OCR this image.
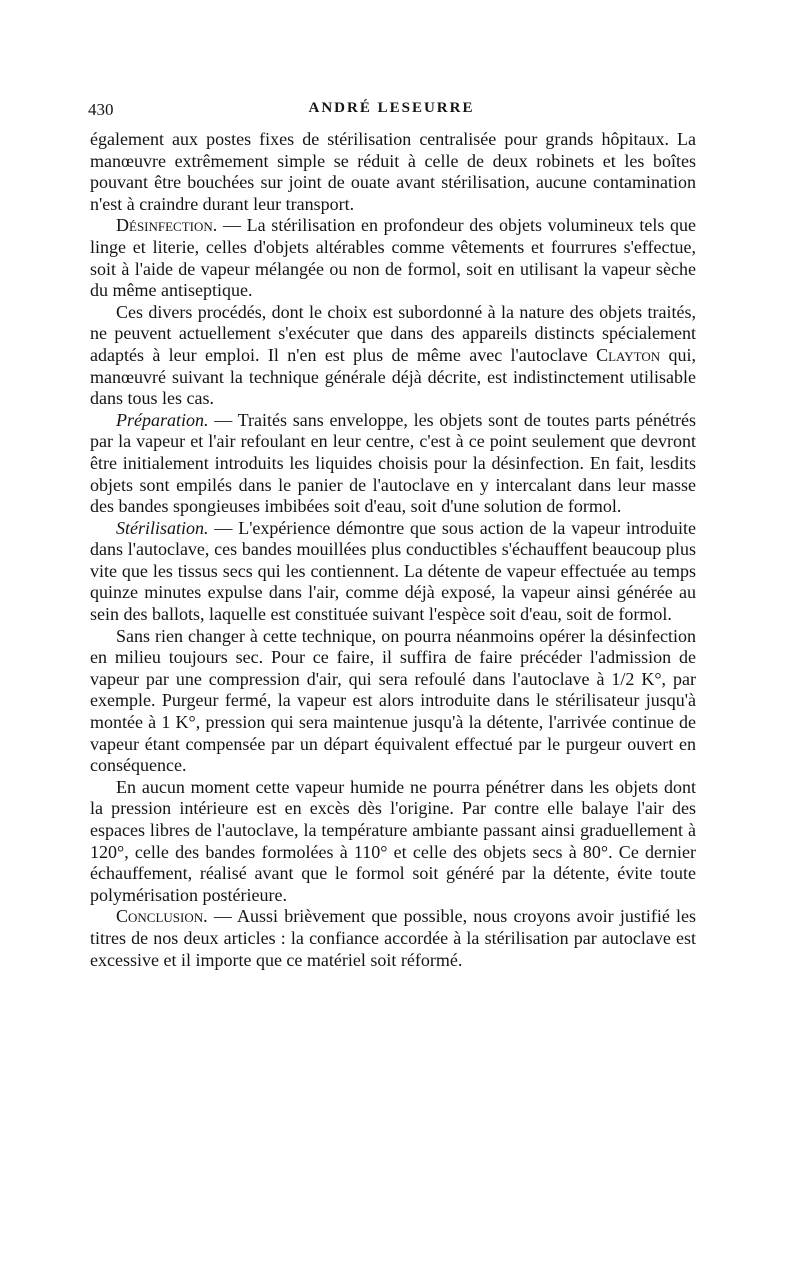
430	ANDRÉ LESEURRE

également aux postes fixes de stérilisation centralisée pour grands hôpitaux. La manœuvre extrêmement simple se réduit à celle de deux robinets et les boîtes pouvant être bouchées sur joint de ouate avant stérilisation, aucune contamination n'est à craindre durant leur transport.

Désinfection. — La stérilisation en profondeur des objets volumineux tels que linge et literie, celles d'objets altérables comme vêtements et fourrures s'effectue, soit à l'aide de vapeur mélangée ou non de formol, soit en utilisant la vapeur sèche du même antiseptique.

Ces divers procédés, dont le choix est subordonné à la nature des objets traités, ne peuvent actuellement s'exécuter que dans des appareils distincts spécialement adaptés à leur emploi. Il n'en est plus de même avec l'autoclave Clayton qui, manœuvré suivant la technique générale déjà décrite, est indistinctement utilisable dans tous les cas.

Préparation. — Traités sans enveloppe, les objets sont de toutes parts pénétrés par la vapeur et l'air refoulant en leur centre, c'est à ce point seulement que devront être initialement introduits les liquides choisis pour la désinfection. En fait, lesdits objets sont empilés dans le panier de l'autoclave en y intercalant dans leur masse des bandes spongieuses imbibées soit d'eau, soit d'une solution de formol.

Stérilisation. — L'expérience démontre que sous action de la vapeur introduite dans l'autoclave, ces bandes mouillées plus conductibles s'échauffent beaucoup plus vite que les tissus secs qui les contiennent. La détente de vapeur effectuée au temps quinze minutes expulse dans l'air, comme déjà exposé, la vapeur ainsi générée au sein des ballots, laquelle est constituée suivant l'espèce soit d'eau, soit de formol.

Sans rien changer à cette technique, on pourra néanmoins opérer la désinfection en milieu toujours sec. Pour ce faire, il suffira de faire précéder l'admission de vapeur par une compression d'air, qui sera refoulé dans l'autoclave à 1/2 K°, par exemple. Purgeur fermé, la vapeur est alors introduite dans le stérilisateur jusqu'à montée à 1 K°, pression qui sera maintenue jusqu'à la détente, l'arrivée continue de vapeur étant compensée par un départ équivalent effectué par le purgeur ouvert en conséquence.

En aucun moment cette vapeur humide ne pourra pénétrer dans les objets dont la pression intérieure est en excès dès l'origine. Par contre elle balaye l'air des espaces libres de l'autoclave, la température ambiante passant ainsi graduellement à 120°, celle des bandes formolées à 110° et celle des objets secs à 80°. Ce dernier échauffement, réalisé avant que le formol soit généré par la détente, évite toute polymérisation postérieure.

Conclusion. — Aussi brièvement que possible, nous croyons avoir justifié les titres de nos deux articles : la confiance accordée à la stérilisation par autoclave est excessive et il importe que ce matériel soit réformé.
